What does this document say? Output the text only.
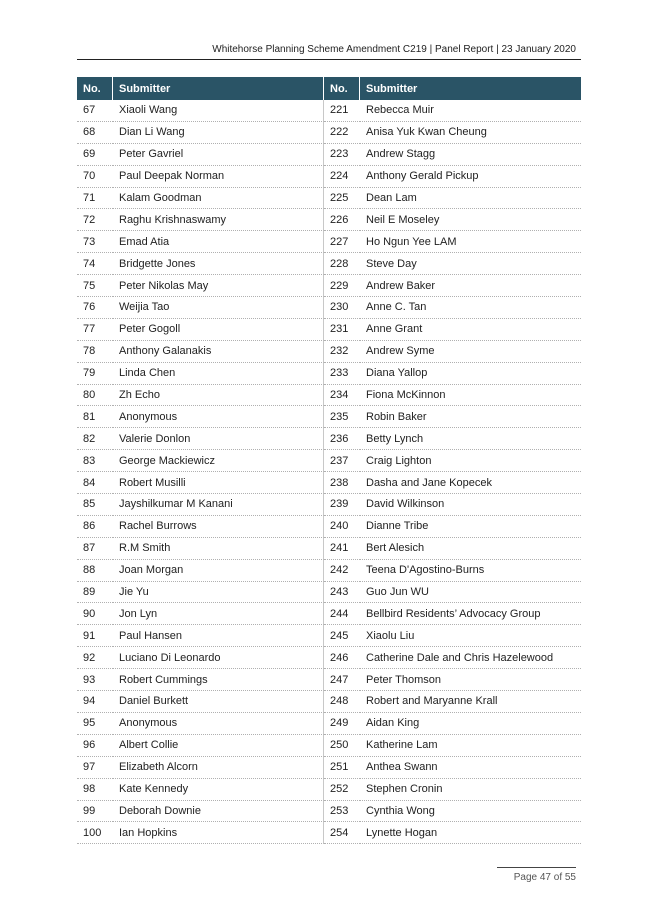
Whitehorse Planning Scheme Amendment C219 | Panel Report | 23 January 2020
No.	Submitter	No.	Submitter
67	Xiaoli Wang	221	Rebecca Muir
68	Dian Li Wang	222	Anisa Yuk Kwan Cheung
69	Peter Gavriel	223	Andrew Stagg
70	Paul Deepak Norman	224	Anthony Gerald Pickup
71	Kalam Goodman	225	Dean Lam
72	Raghu Krishnaswamy	226	Neil E Moseley
73	Emad Atia	227	Ho Ngun Yee LAM
74	Bridgette Jones	228	Steve Day
75	Peter Nikolas May	229	Andrew Baker
76	Weijia Tao	230	Anne C. Tan
77	Peter Gogoll	231	Anne Grant
78	Anthony Galanakis	232	Andrew Syme
79	Linda Chen	233	Diana Yallop
80	Zh Echo	234	Fiona McKinnon
81	Anonymous	235	Robin Baker
82	Valerie Donlon	236	Betty Lynch
83	George Mackiewicz	237	Craig Lighton
84	Robert Musilli	238	Dasha and Jane Kopecek
85	Jayshilkumar M Kanani	239	David Wilkinson
86	Rachel Burrows	240	Dianne Tribe
87	R.M Smith	241	Bert Alesich
88	Joan Morgan	242	Teena D'Agostino-Burns
89	Jie Yu	243	Guo Jun WU
90	Jon Lyn	244	Bellbird Residents’ Advocacy Group
91	Paul Hansen	245	Xiaolu Liu
92	Luciano Di Leonardo	246	Catherine Dale and Chris Hazelewood
93	Robert Cummings	247	Peter Thomson
94	Daniel Burkett	248	Robert and Maryanne Krall
95	Anonymous	249	Aidan King
96	Albert Collie	250	Katherine Lam
97	Elizabeth Alcorn	251	Anthea Swann
98	Kate Kennedy	252	Stephen Cronin
99	Deborah Downie	253	Cynthia Wong
100	Ian Hopkins	254	Lynette Hogan
Page 47 of 55
